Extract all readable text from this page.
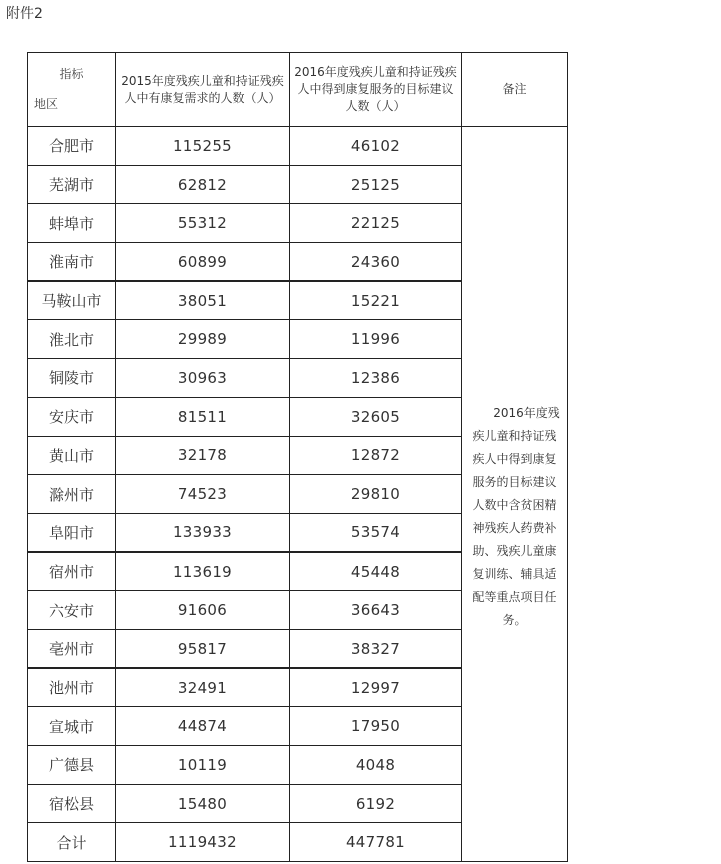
附件2
指标
地区	2015年度残疾儿童和持证残疾人中有康复需求的人数（人）	2016年度残疾儿童和持证残疾人中得到康复服务的目标建议人数（人）	备注
合肥市	115255	46102	2016年度残疾儿童和持证残疾人中得到康复服务的目标建议人数中含贫困精神残疾人药费补助、残疾儿童康复训练、辅具适配等重点项目任务。
芜湖市	62812	25125	
蚌埠市	55312	22125	
淮南市	60899	24360	
马鞍山市	38051	15221	
淮北市	29989	11996	
铜陵市	30963	12386	
安庆市	81511	32605	
黄山市	32178	12872	
滁州市	74523	29810	
阜阳市	133933	53574	
宿州市	113619	45448	
六安市	91606	36643	
亳州市	95817	38327	
池州市	32491	12997	
宣城市	44874	17950	
广德县	10119	4048	
宿松县	15480	6192	
合计	1119432	447781	
